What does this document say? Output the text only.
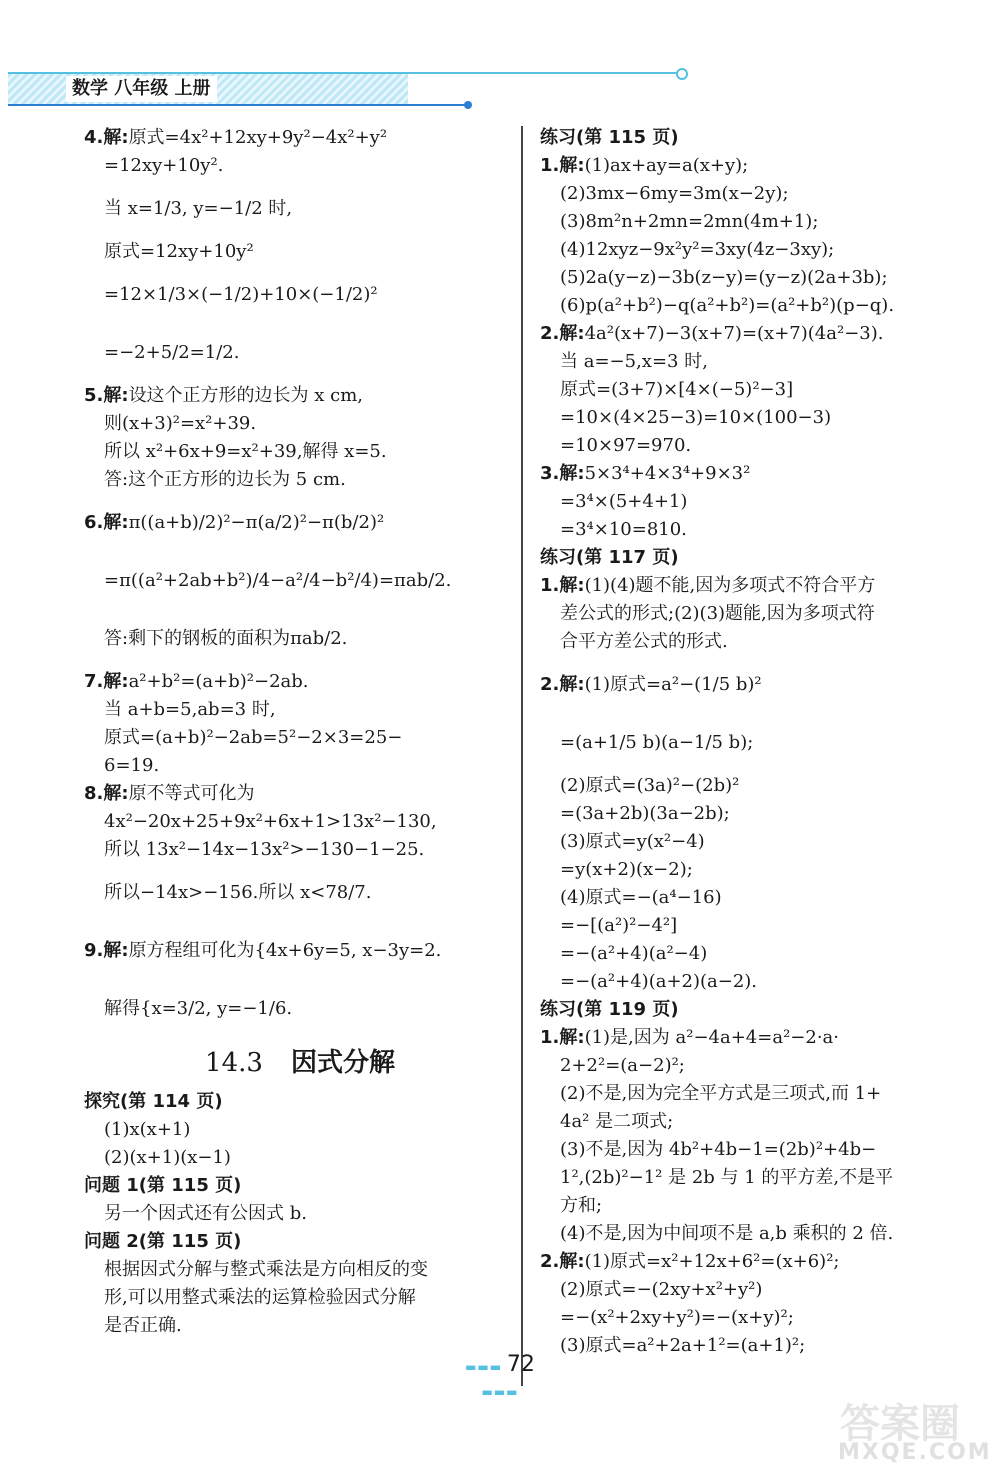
数学 八年级 上册
4.解:原式=4x²+12xy+9y²−4x²+y²
=12xy+10y².
当 x=1/3, y=−1/2 时,
原式=12xy+10y²
=12×1/3×(−1/2)+10×(−1/2)²
=−2+5/2=1/2.
5.解:设这个正方形的边长为 x cm,
则(x+3)²=x²+39.
所以 x²+6x+9=x²+39,解得 x=5.
答:这个正方形的边长为 5 cm.
6.解:π((a+b)/2)²−π(a/2)²−π(b/2)²
=π((a²+2ab+b²)/4−a²/4−b²/4)=πab/2.
答:剩下的钢板的面积为πab/2.
7.解:a²+b²=(a+b)²−2ab.
当 a+b=5,ab=3 时,
原式=(a+b)²−2ab=5²−2×3=25−
6=19.
8.解:原不等式可化为
4x²−20x+25+9x²+6x+1>13x²−130,
所以 13x²−14x−13x²>−130−1−25.
所以−14x>−156.所以 x<78/7.
9.解:原方程组可化为{4x+6y=5, x−3y=2.
解得{x=3/2, y=−1/6.
14.3 因式分解
探究(第 114 页)
(1)x(x+1)
(2)(x+1)(x−1)
问题 1(第 115 页)
另一个因式还有公因式 b.
问题 2(第 115 页)
根据因式分解与整式乘法是方向相反的变
形,可以用整式乘法的运算检验因式分解
是否正确.
练习(第 115 页)
1.解:(1)ax+ay=a(x+y);
(2)3mx−6my=3m(x−2y);
(3)8m²n+2mn=2mn(4m+1);
(4)12xyz−9x²y²=3xy(4z−3xy);
(5)2a(y−z)−3b(z−y)=(y−z)(2a+3b);
(6)p(a²+b²)−q(a²+b²)=(a²+b²)(p−q).
2.解:4a²(x+7)−3(x+7)=(x+7)(4a²−3).
当 a=−5,x=3 时,
原式=(3+7)×[4×(−5)²−3]
=10×(4×25−3)=10×(100−3)
=10×97=970.
3.解:5×3⁴+4×3⁴+9×3²
=3⁴×(5+4+1)
=3⁴×10=810.
练习(第 117 页)
1.解:(1)(4)题不能,因为多项式不符合平方
差公式的形式;(2)(3)题能,因为多项式符
合平方差公式的形式.
2.解:(1)原式=a²−(1/5 b)²
=(a+1/5 b)(a−1/5 b);
(2)原式=(3a)²−(2b)²
=(3a+2b)(3a−2b);
(3)原式=y(x²−4)
=y(x+2)(x−2);
(4)原式=−(a⁴−16)
=−[(a²)²−4²]
=−(a²+4)(a²−4)
=−(a²+4)(a+2)(a−2).
练习(第 119 页)
1.解:(1)是,因为 a²−4a+4=a²−2·a·
2+2²=(a−2)²;
(2)不是,因为完全平方式是三项式,而 1+
4a² 是二项式;
(3)不是,因为 4b²+4b−1=(2b)²+4b−
1²,(2b)²−1² 是 2b 与 1 的平方差,不是平
方和;
(4)不是,因为中间项不是 a,b 乘积的 2 倍.
2.解:(1)原式=x²+12x+6²=(x+6)²;
(2)原式=−(2xy+x²+y²)
=−(x²+2xy+y²)=−(x+y)²;
(3)原式=a²+2a+1²=(a+1)²;
▬▬▬ 72 ▬▬▬
答案圈
MXQE.COM
